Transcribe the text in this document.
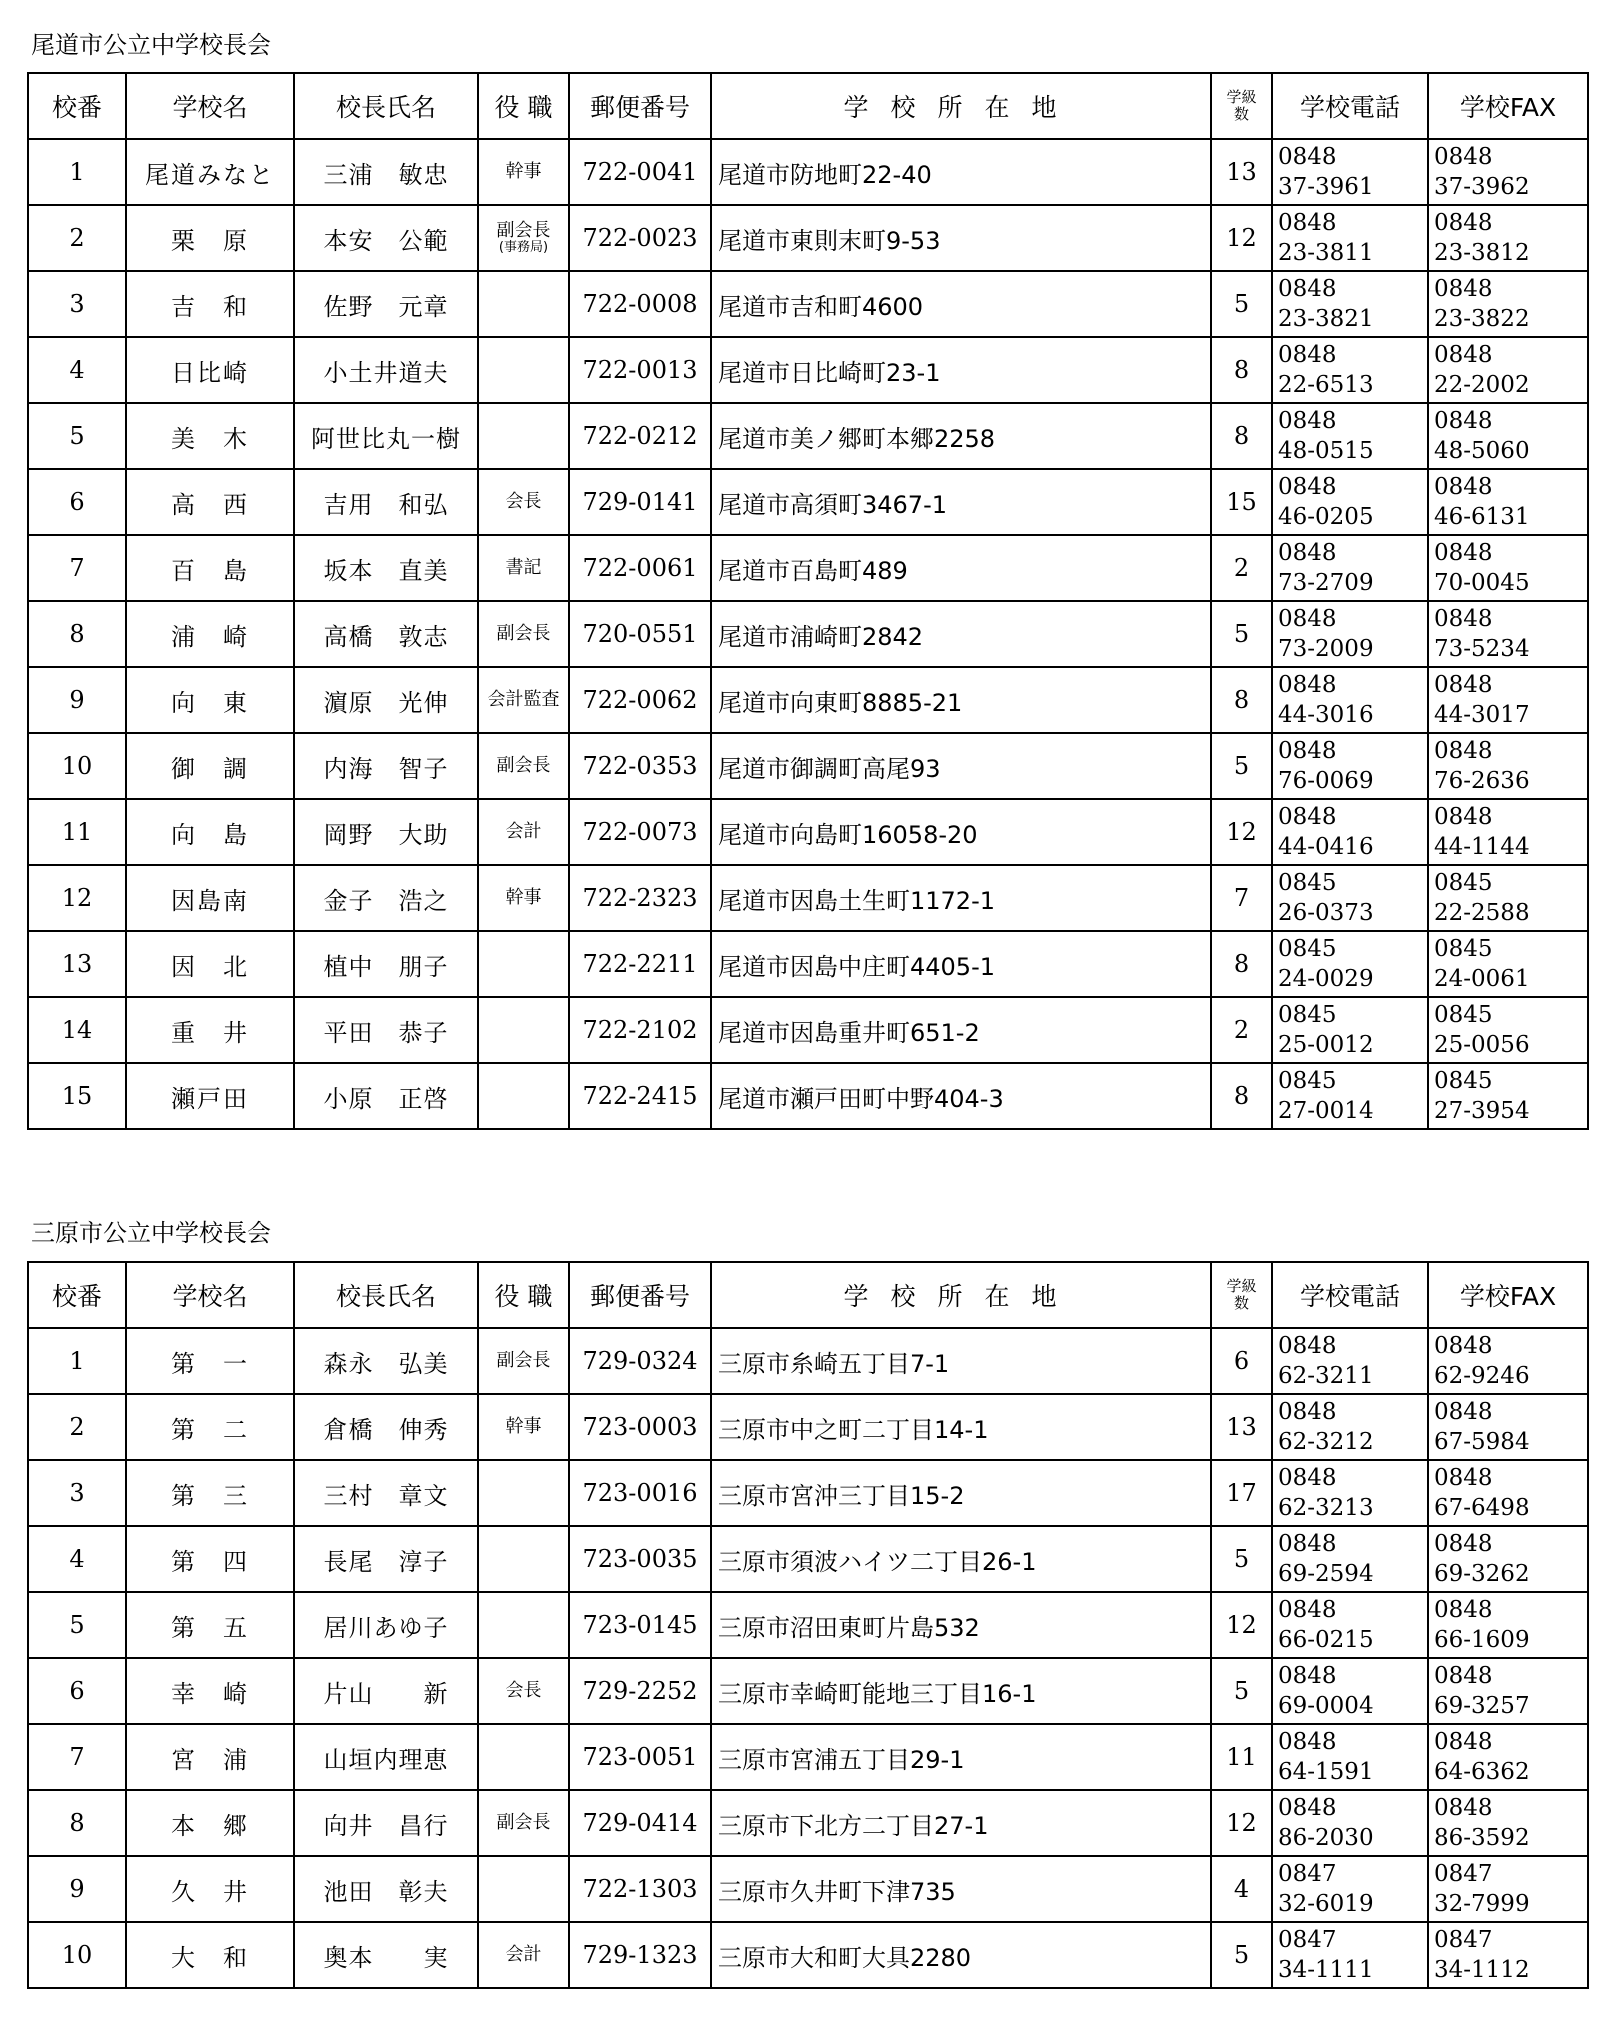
尾道市公立中学校長会
校番	学校名	校長氏名	役 職	郵便番号	学校所在地	学級
数	学校電話	学校FAX
1	尾道みなと	三浦　敏忠	幹事	722-0041	尾道市防地町22-40	13	0848
37-3961	0848
37-3962

2	栗　原	本安　公範	副会長
(事務局)	722-0023	尾道市東則末町9-53	12	0848
23-3811	0848
23-3812

3	吉　和	佐野　元章		722-0008	尾道市吉和町4600	5	0848
23-3821	0848
23-3822

4	日比崎	小土井道夫		722-0013	尾道市日比崎町23-1	8	0848
22-6513	0848
22-2002

5	美　木	阿世比丸一樹		722-0212	尾道市美ノ郷町本郷2258	8	0848
48-0515	0848
48-5060

6	高　西	吉用　和弘	会長	729-0141	尾道市高須町3467-1	15	0848
46-0205	0848
46-6131

7	百　島	坂本　直美	書記	722-0061	尾道市百島町489	2	0848
73-2709	0848
70-0045

8	浦　崎	高橋　敦志	副会長	720-0551	尾道市浦崎町2842	5	0848
73-2009	0848
73-5234

9	向　東	濵原　光伸	会計監査	722-0062	尾道市向東町8885-21	8	0848
44-3016	0848
44-3017

10	御　調	内海　智子	副会長	722-0353	尾道市御調町高尾93	5	0848
76-0069	0848
76-2636

11	向　島	岡野　大助	会計	722-0073	尾道市向島町16058-20	12	0848
44-0416	0848
44-1144

12	因島南	金子　浩之	幹事	722-2323	尾道市因島土生町1172-1	7	0845
26-0373	0845
22-2588

13	因　北	植中　朋子		722-2211	尾道市因島中庄町4405-1	8	0845
24-0029	0845
24-0061

14	重　井	平田　恭子		722-2102	尾道市因島重井町651-2	2	0845
25-0012	0845
25-0056

15	瀬戸田	小原　正啓		722-2415	尾道市瀬戸田町中野404-3	8	0845
27-0014	0845
27-3954
三原市公立中学校長会
校番	学校名	校長氏名	役 職	郵便番号	学校所在地	学級
数	学校電話	学校FAX
1	第　一	森永　弘美	副会長	729-0324	三原市糸崎五丁目7-1	6	0848
62-3211	0848
62-9246

2	第　二	倉橋　伸秀	幹事	723-0003	三原市中之町二丁目14-1	13	0848
62-3212	0848
67-5984

3	第　三	三村　章文		723-0016	三原市宮沖三丁目15-2	17	0848
62-3213	0848
67-6498

4	第　四	長尾　淳子		723-0035	三原市須波ハイツ二丁目26-1	5	0848
69-2594	0848
69-3262

5	第　五	居川あゆ子		723-0145	三原市沼田東町片島532	12	0848
66-0215	0848
66-1609

6	幸　崎	片山　　新	会長	729-2252	三原市幸崎町能地三丁目16-1	5	0848
69-0004	0848
69-3257

7	宮　浦	山垣内理恵		723-0051	三原市宮浦五丁目29-1	11	0848
64-1591	0848
64-6362

8	本　郷	向井　昌行	副会長	729-0414	三原市下北方二丁目27-1	12	0848
86-2030	0848
86-3592

9	久　井	池田　彰夫		722-1303	三原市久井町下津735	4	0847
32-6019	0847
32-7999

10	大　和	奥本　　実	会計	729-1323	三原市大和町大具2280	5	0847
34-1111	0847
34-1112
